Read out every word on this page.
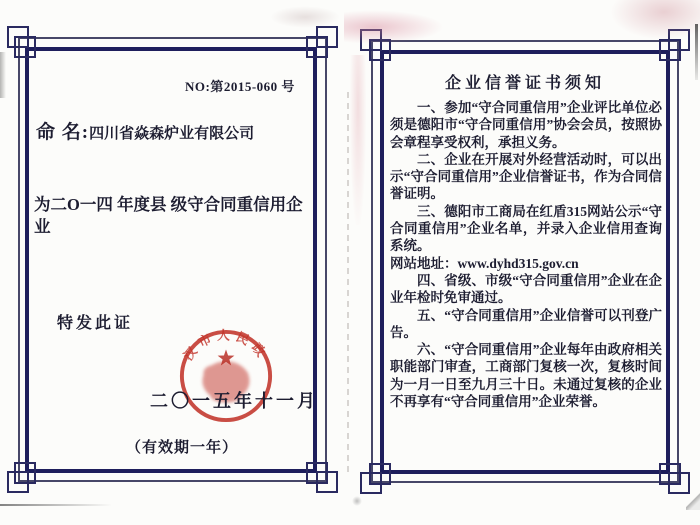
NO:第2015-060 号
命 名:四川省焱森炉业有限公司
为二O一四 年度县 级守合同重信用企业
特发此证
汉市人民政
二〇一五年十一月
（有效期一年）
企业信誉证书须知

一、参加“守合同重信用”企业评比单位必须是德阳市“守合同重信用”协会会员，按照协会章程享受权利，承担义务。

二、企业在开展对外经营活动时，可以出示“守合同重信用”企业信誉证书，作为合同信誉证明。

三、德阳市工商局在红盾315网站公示“守合同重信用”企业名单，并录入企业信用查询系统。

网站地址：www.dyhd315.gov.cn

四、省级、市级“守合同重信用”企业在企业年检时免审通过。

五、“守合同重信用”企业信誉可以刊登广告。

六、“守合同重信用”企业每年由政府相关职能部门审查，工商部门复核一次，复核时间为一月一日至九月三十日。未通过复核的企业不再享有“守合同重信用”企业荣誉。
